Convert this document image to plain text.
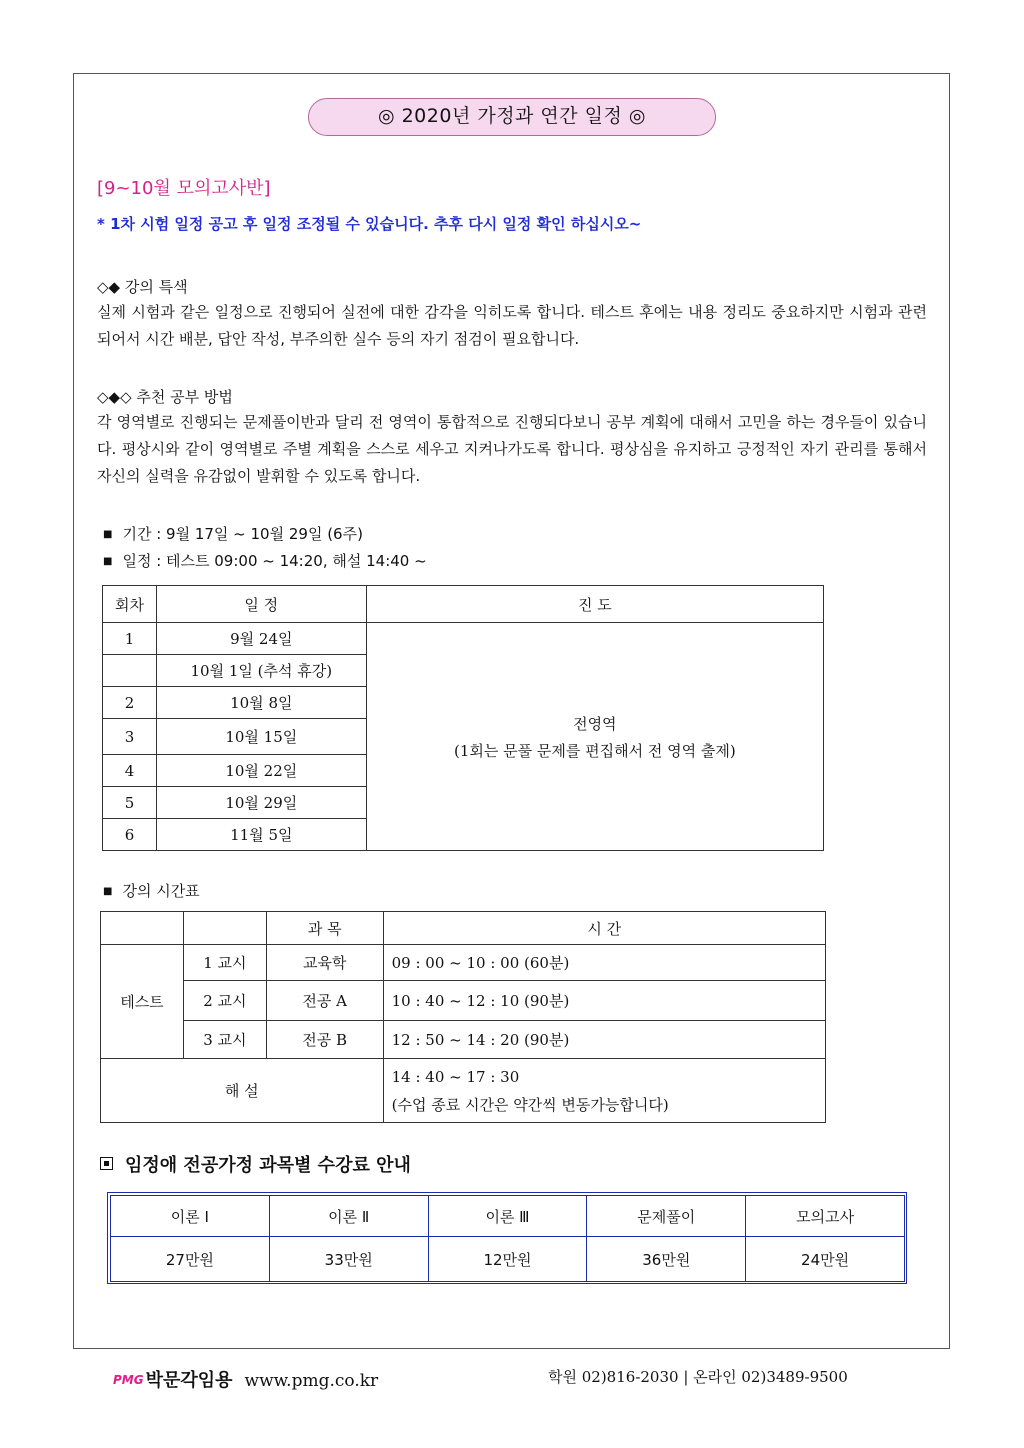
◎ 2020년 가정과 연간 일정 ◎
[9~10월 모의고사반]
* 1차 시험 일정 공고 후 일정 조정될 수 있습니다. 추후 다시 일정 확인 하십시오~
◇◆ 강의 특색
실제 시험과 같은 일정으로 진행되어 실전에 대한 감각을 익히도록 합니다. 테스트 후에는 내용 정리도 중요하지만 시험과 관련되어서 시간 배분, 답안 작성, 부주의한 실수 등의 자기 점검이 필요합니다.
◇◆◇ 추천 공부 방법
각 영역별로 진행되는 문제풀이반과 달리 전 영역이 통합적으로 진행되다보니 공부 계획에 대해서 고민을 하는 경우들이 있습니다. 평상시와 같이 영역별로 주별 계획을 스스로 세우고 지켜나가도록 합니다. 평상심을 유지하고 긍정적인 자기 관리를 통해서 자신의 실력을 유감없이 발휘할 수 있도록 합니다.
■ 기간 : 9월 17일 ~ 10월 29일 (6주)
■ 일정 : 테스트 09:00 ~ 14:20, 해설 14:40 ~
회차	일 정	진 도
1	9월 24일	전영역
(1회는 문풀 문제를 편집해서 전 영역 출제)

	10월 1일 (추석 휴강)	
2	10월 8일	
3	10월 15일	
4	10월 22일	
5	10월 29일	
6	11월 5일	
■ 강의 시간표
		과 목	시 간
테스트	1 교시	교육학	09 : 00 ~ 10 : 00 (60분)
	2 교시	전공 A	10 : 40 ~ 12 : 10 (90분)
	3 교시	전공 B	12 : 50 ~ 14 : 20 (90분)
해 설			14 : 40 ~ 17 : 30
(수업 종료 시간은 약간씩 변동가능합니다)
임정애 전공가정 과목별 수강료 안내
이론 Ⅰ	이론 Ⅱ	이론 Ⅲ	문제풀이	모의고사
27만원	33만원	12만원	36만원	24만원
PMG 박문각임용 www.pmg.co.kr	학원 02)816-2030 | 온라인 02)3489-9500
